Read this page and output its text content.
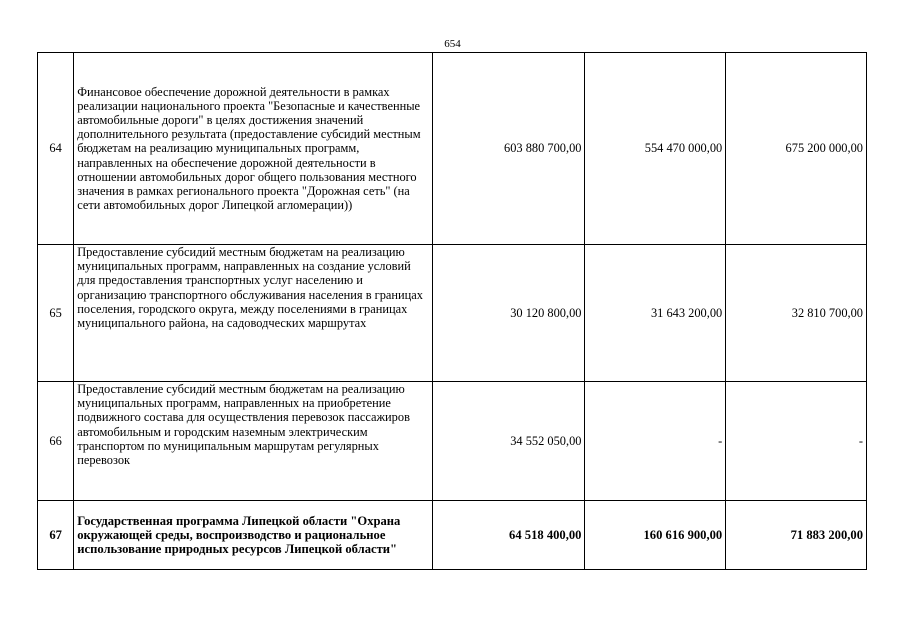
654
64	Финансовое обеспечение дорожной деятельности в рамках реализации национального проекта "Безопасные и качественные автомобильные дороги" в целях достижения значений дополнительного результата (предоставление субсидий местным бюджетам на реализацию муниципальных программ, направленных на обеспечение дорожной деятельности в отношении автомобильных дорог общего пользования местного значения в рамках регионального проекта "Дорожная сеть" (на сети автомобильных дорог Липецкой агломерации))	603 880 700,00	554 470 000,00	675 200 000,00
65	Предоставление субсидий местным бюджетам на реализацию муниципальных программ, направленных на создание условий для предоставления транспортных услуг населению и организацию транспортного обслуживания населения в границах поселения, городского округа, между поселениями в границах муниципального района, на садоводческих маршрутах	30 120 800,00	31 643 200,00	32 810 700,00
66	Предоставление субсидий местным бюджетам на реализацию муниципальных программ, направленных на приобретение подвижного состава для осуществления перевозок пассажиров автомобильным и городским наземным электрическим транспортом по муниципальным маршрутам регулярных перевозок	34 552 050,00	-	-
67	Государственная программа Липецкой области "Охрана окружающей среды, воспроизводство и рациональное использование природных ресурсов Липецкой области"	64 518 400,00	160 616 900,00	71 883 200,00
